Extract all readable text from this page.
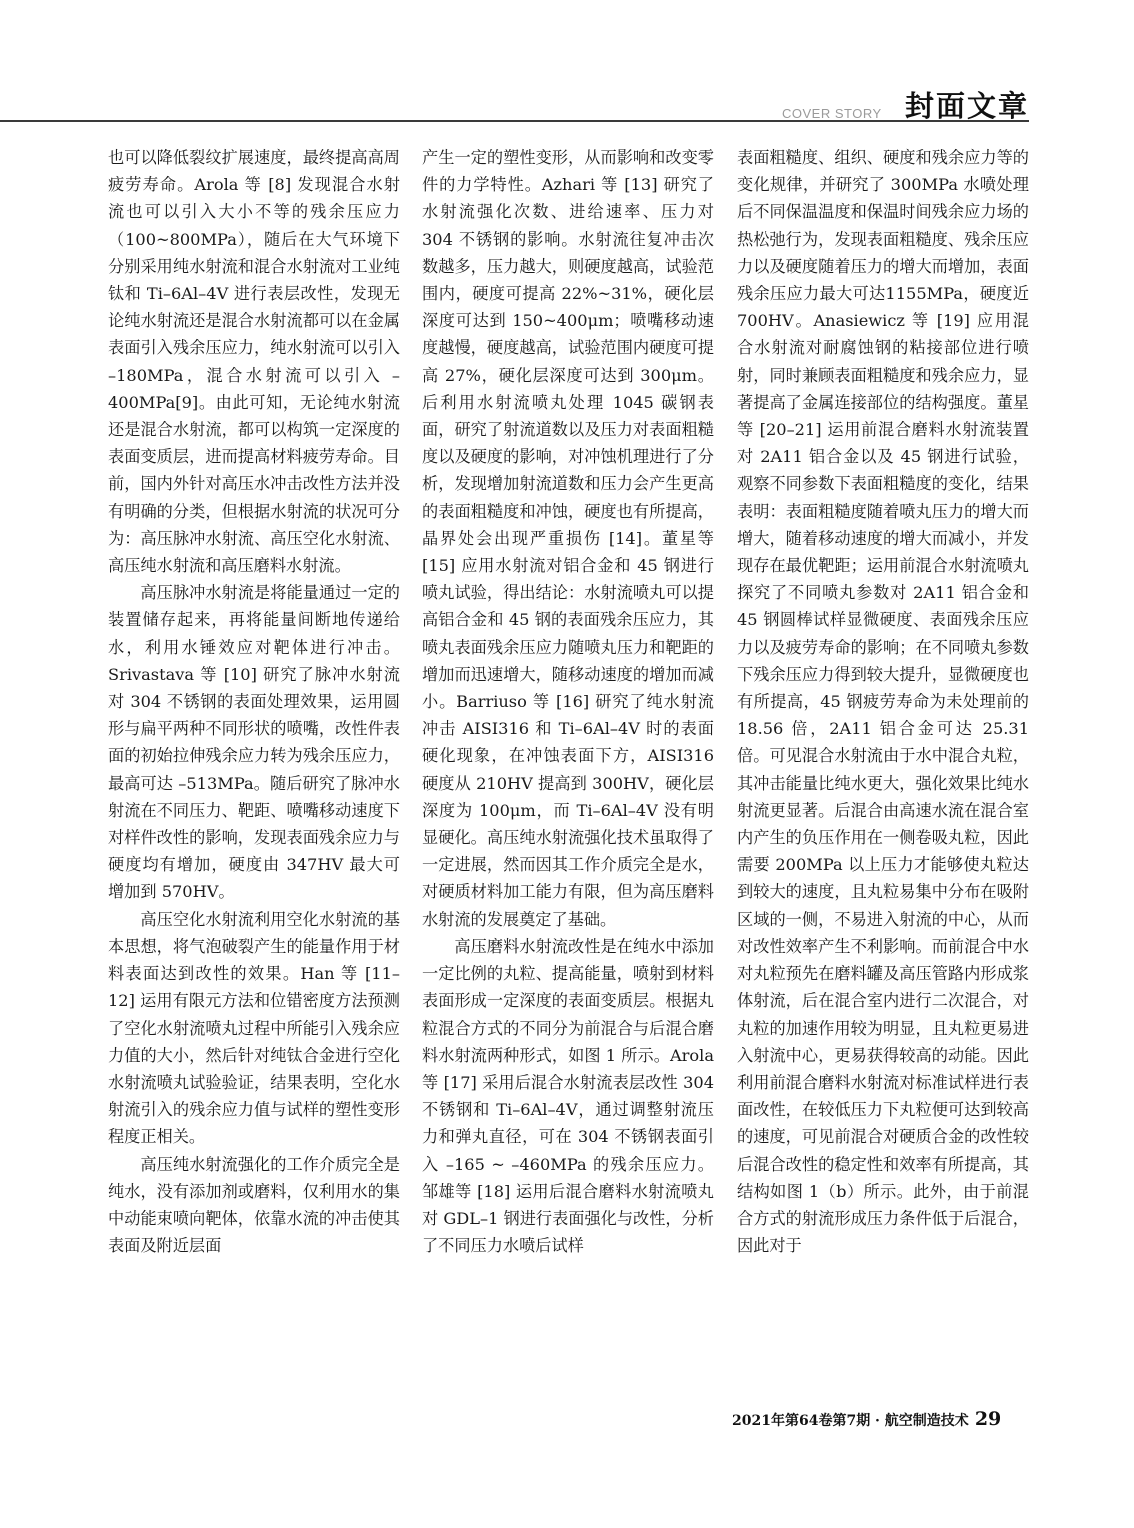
COVER STORY 封面文章

也可以降低裂纹扩展速度，最终提高高周疲劳寿命。Arola 等 [8] 发现混合水射流也可以引入大小不等的残余压应力（100~800MPa），随后在大气环境下分别采用纯水射流和混合水射流对工业纯钛和 Ti–6Al–4V 进行表层改性，发现无论纯水射流还是混合水射流都可以在金属表面引入残余压应力，纯水射流可以引入 –180MPa，混合水射流可以引入 –400MPa[9]。由此可知，无论纯水射流还是混合水射流，都可以构筑一定深度的表面变质层，进而提高材料疲劳寿命。目前，国内外针对高压水冲击改性方法并没有明确的分类，但根据水射流的状况可分为：高压脉冲水射流、高压空化水射流、高压纯水射流和高压磨料水射流。

高压脉冲水射流是将能量通过一定的装置储存起来，再将能量间断地传递给水，利用水锤效应对靶体进行冲击。Srivastava 等 [10] 研究了脉冲水射流对 304 不锈钢的表面处理效果，运用圆形与扁平两种不同形状的喷嘴，改性件表面的初始拉伸残余应力转为残余压应力，最高可达 –513MPa。随后研究了脉冲水射流在不同压力、靶距、喷嘴移动速度下对样件改性的影响，发现表面残余应力与硬度均有增加，硬度由 347HV 最大可增加到 570HV。

高压空化水射流利用空化水射流的基本思想，将气泡破裂产生的能量作用于材料表面达到改性的效果。Han 等 [11–12] 运用有限元方法和位错密度方法预测了空化水射流喷丸过程中所能引入残余应力值的大小，然后针对纯钛合金进行空化水射流喷丸试验验证，结果表明，空化水射流引入的残余应力值与试样的塑性变形程度正相关。

高压纯水射流强化的工作介质完全是纯水，没有添加剂或磨料，仅利用水的集中动能束喷向靶体，依靠水流的冲击使其表面及附近层面

产生一定的塑性变形，从而影响和改变零件的力学特性。Azhari 等 [13] 研究了水射流强化次数、进给速率、压力对 304 不锈钢的影响。水射流往复冲击次数越多，压力越大，则硬度越高，试验范围内，硬度可提高 22%~31%，硬化层深度可达到 150~400μm；喷嘴移动速度越慢，硬度越高，试验范围内硬度可提高 27%，硬化层深度可达到 300μm。后利用水射流喷丸处理 1045 碳钢表面，研究了射流道数以及压力对表面粗糙度以及硬度的影响，对冲蚀机理进行了分析，发现增加射流道数和压力会产生更高的表面粗糙度和冲蚀，硬度也有所提高，晶界处会出现严重损伤 [14]。董星等 [15] 应用水射流对铝合金和 45 钢进行喷丸试验，得出结论：水射流喷丸可以提高铝合金和 45 钢的表面残余压应力，其喷丸表面残余压应力随喷丸压力和靶距的增加而迅速增大，随移动速度的增加而减小。Barriuso 等 [16] 研究了纯水射流冲击 AISI316 和 Ti–6Al–4V 时的表面硬化现象，在冲蚀表面下方，AISI316 硬度从 210HV 提高到 300HV，硬化层深度为 100μm，而 Ti–6Al–4V 没有明显硬化。高压纯水射流强化技术虽取得了一定进展，然而因其工作介质完全是水，对硬质材料加工能力有限，但为高压磨料水射流的发展奠定了基础。

高压磨料水射流改性是在纯水中添加一定比例的丸粒、提高能量，喷射到材料表面形成一定深度的表面变质层。根据丸粒混合方式的不同分为前混合与后混合磨料水射流两种形式，如图 1 所示。Arola 等 [17] 采用后混合水射流表层改性 304 不锈钢和 Ti–6Al–4V，通过调整射流压力和弹丸直径，可在 304 不锈钢表面引入 –165 ~ –460MPa 的残余压应力。邹雄等 [18] 运用后混合磨料水射流喷丸对 GDL–1 钢进行表面强化与改性，分析了不同压力水喷后试样

表面粗糙度、组织、硬度和残余应力等的变化规律，并研究了 300MPa 水喷处理后不同保温温度和保温时间残余应力场的热松弛行为，发现表面粗糙度、残余压应力以及硬度随着压力的增大而增加，表面残余压应力最大可达1155MPa，硬度近 700HV。Anasiewicz 等 [19] 应用混合水射流对耐腐蚀钢的粘接部位进行喷射，同时兼顾表面粗糙度和残余应力，显著提高了金属连接部位的结构强度。董星等 [20–21] 运用前混合磨料水射流装置对 2A11 铝合金以及 45 钢进行试验，观察不同参数下表面粗糙度的变化，结果表明：表面粗糙度随着喷丸压力的增大而增大，随着移动速度的增大而减小，并发现存在最优靶距；运用前混合水射流喷丸探究了不同喷丸参数对 2A11 铝合金和 45 钢圆棒试样显微硬度、表面残余压应力以及疲劳寿命的影响；在不同喷丸参数下残余压应力得到较大提升，显微硬度也有所提高，45 钢疲劳寿命为未处理前的 18.56 倍，2A11 铝合金可达 25.31 倍。可见混合水射流由于水中混合丸粒，其冲击能量比纯水更大，强化效果比纯水射流更显著。后混合由高速水流在混合室内产生的负压作用在一侧卷吸丸粒，因此需要 200MPa 以上压力才能够使丸粒达到较大的速度，且丸粒易集中分布在吸附区域的一侧，不易进入射流的中心，从而对改性效率产生不利影响。而前混合中水对丸粒预先在磨料罐及高压管路内形成浆体射流，后在混合室内进行二次混合，对丸粒的加速作用较为明显，且丸粒更易进入射流中心，更易获得较高的动能。因此利用前混合磨料水射流对标准试样进行表面改性，在较低压力下丸粒便可达到较高的速度，可见前混合对硬质合金的改性较后混合改性的稳定性和效率有所提高，其结构如图 1（b）所示。此外，由于前混合方式的射流形成压力条件低于后混合，因此对于

2021年第64卷第7期 · 航空制造技术 29
